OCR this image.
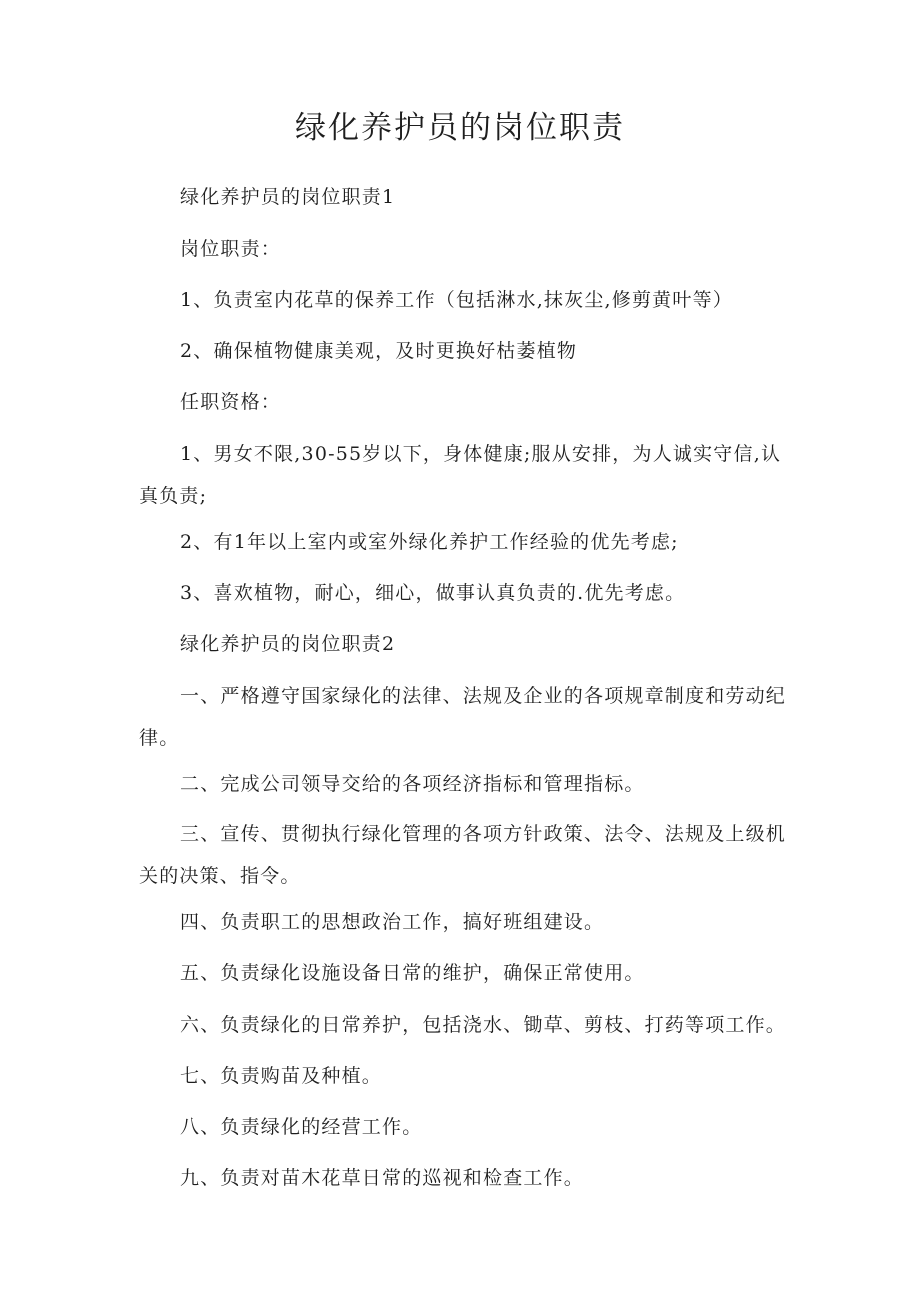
绿化养护员的岗位职责

绿化养护员的岗位职责1

岗位职责：

1、负责室内花草的保养工作（包括淋水,抹灰尘,修剪黄叶等）

2、确保植物健康美观，及时更换好枯萎植物

任职资格：

1、男女不限,30-55岁以下，身体健康;服从安排，为人诚实守信,认真负责;

2、有1年以上室内或室外绿化养护工作经验的优先考虑;

3、喜欢植物，耐心，细心，做事认真负责的.优先考虑。

绿化养护员的岗位职责2

一、严格遵守国家绿化的法律、法规及企业的各项规章制度和劳动纪律。

二、完成公司领导交给的各项经济指标和管理指标。

三、宣传、贯彻执行绿化管理的各项方针政策、法令、法规及上级机关的决策、指令。

四、负责职工的思想政治工作，搞好班组建设。

五、负责绿化设施设备日常的维护，确保正常使用。

六、负责绿化的日常养护，包括浇水、锄草、剪枝、打药等项工作。

七、负责购苗及种植。

八、负责绿化的经营工作。

九、负责对苗木花草日常的巡视和检查工作。
